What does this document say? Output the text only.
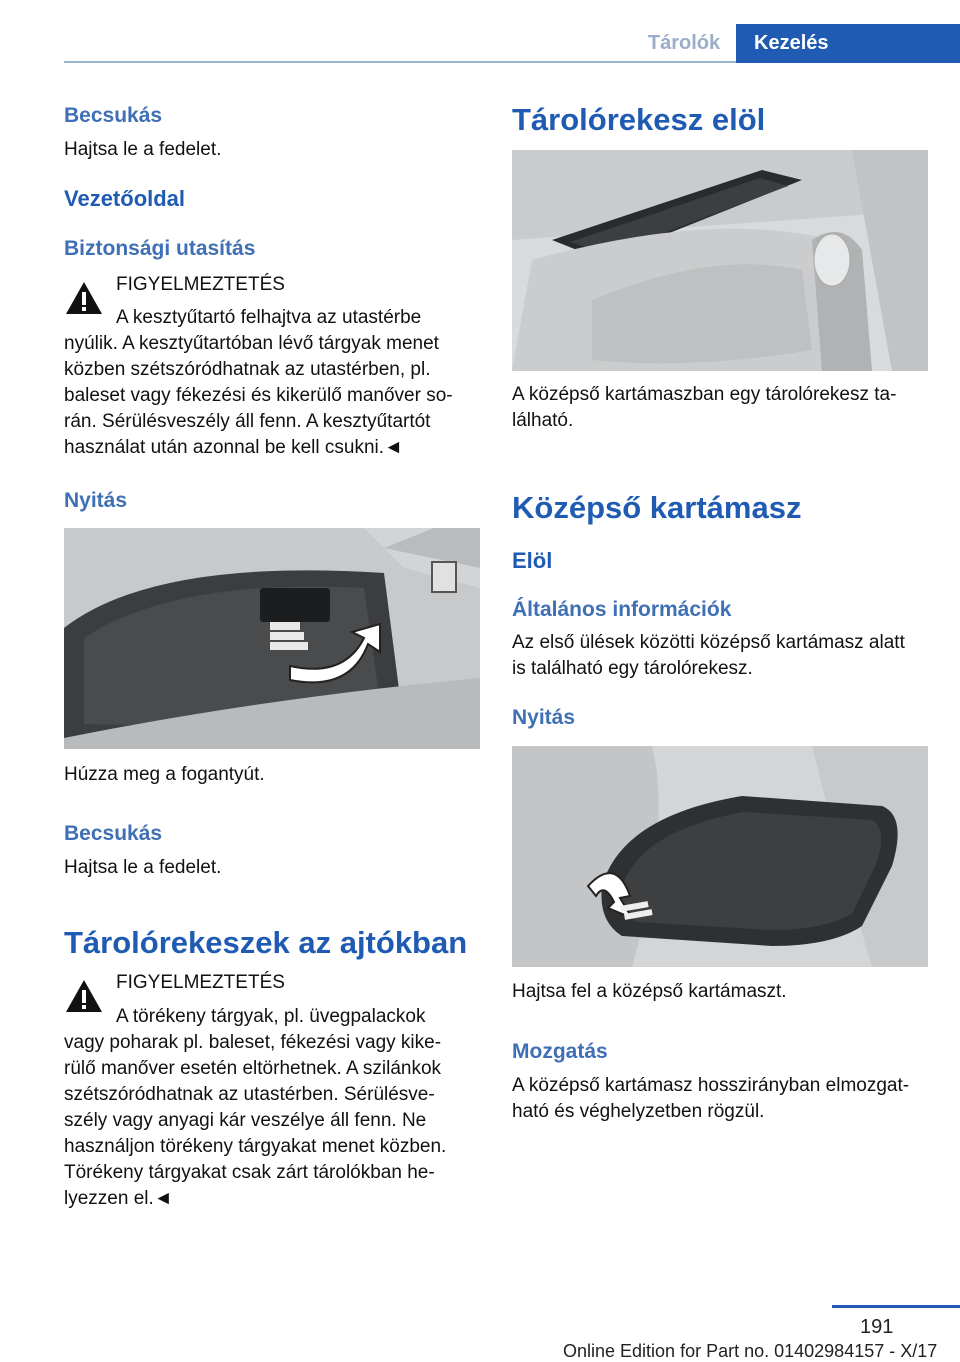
Tárolók	Kezelés
Becsukás
Hajtsa le a fedelet.
Vezetőoldal
Biztonsági utasítás
FIGYELMEZTETÉS
A kesztyűtartó felhajtva az utastérbe
nyúlik. A kesztyűtartóban lévő tárgyak menet
közben szétszóródhatnak az utastérben, pl.
baleset vagy fékezési és kikerülő manőver so-
rán. Sérülésveszély áll fenn. A kesztyűtartót
használat után azonnal be kell csukni.◄
Nyitás
Húzza meg a fogantyút.
Becsukás
Hajtsa le a fedelet.
Tárolórekeszek az ajtókban
FIGYELMEZTETÉS
A törékeny tárgyak, pl. üvegpalackok
vagy poharak pl. baleset, fékezési vagy kike-
rülő manőver esetén eltörhetnek. A szilánkok
szétszóródhatnak az utastérben. Sérülésve-
szély vagy anyagi kár veszélye áll fenn. Ne
használjon törékeny tárgyakat menet közben.
Törékeny tárgyakat csak zárt tárolókban he-
lyezzen el.◄
Tárolórekesz elöl
A középső kartámaszban egy tárolórekesz ta-
lálható.
Középső kartámasz
Elöl
Általános információk
Az első ülések közötti középső kartámasz alatt
is található egy tárolórekesz.
Nyitás
Hajtsa fel a középső kartámaszt.
Mozgatás
A középső kartámasz hosszirányban elmozgat-
ható és véghelyzetben rögzül.
191
Online Edition for Part no. 01402984157 - X/17
